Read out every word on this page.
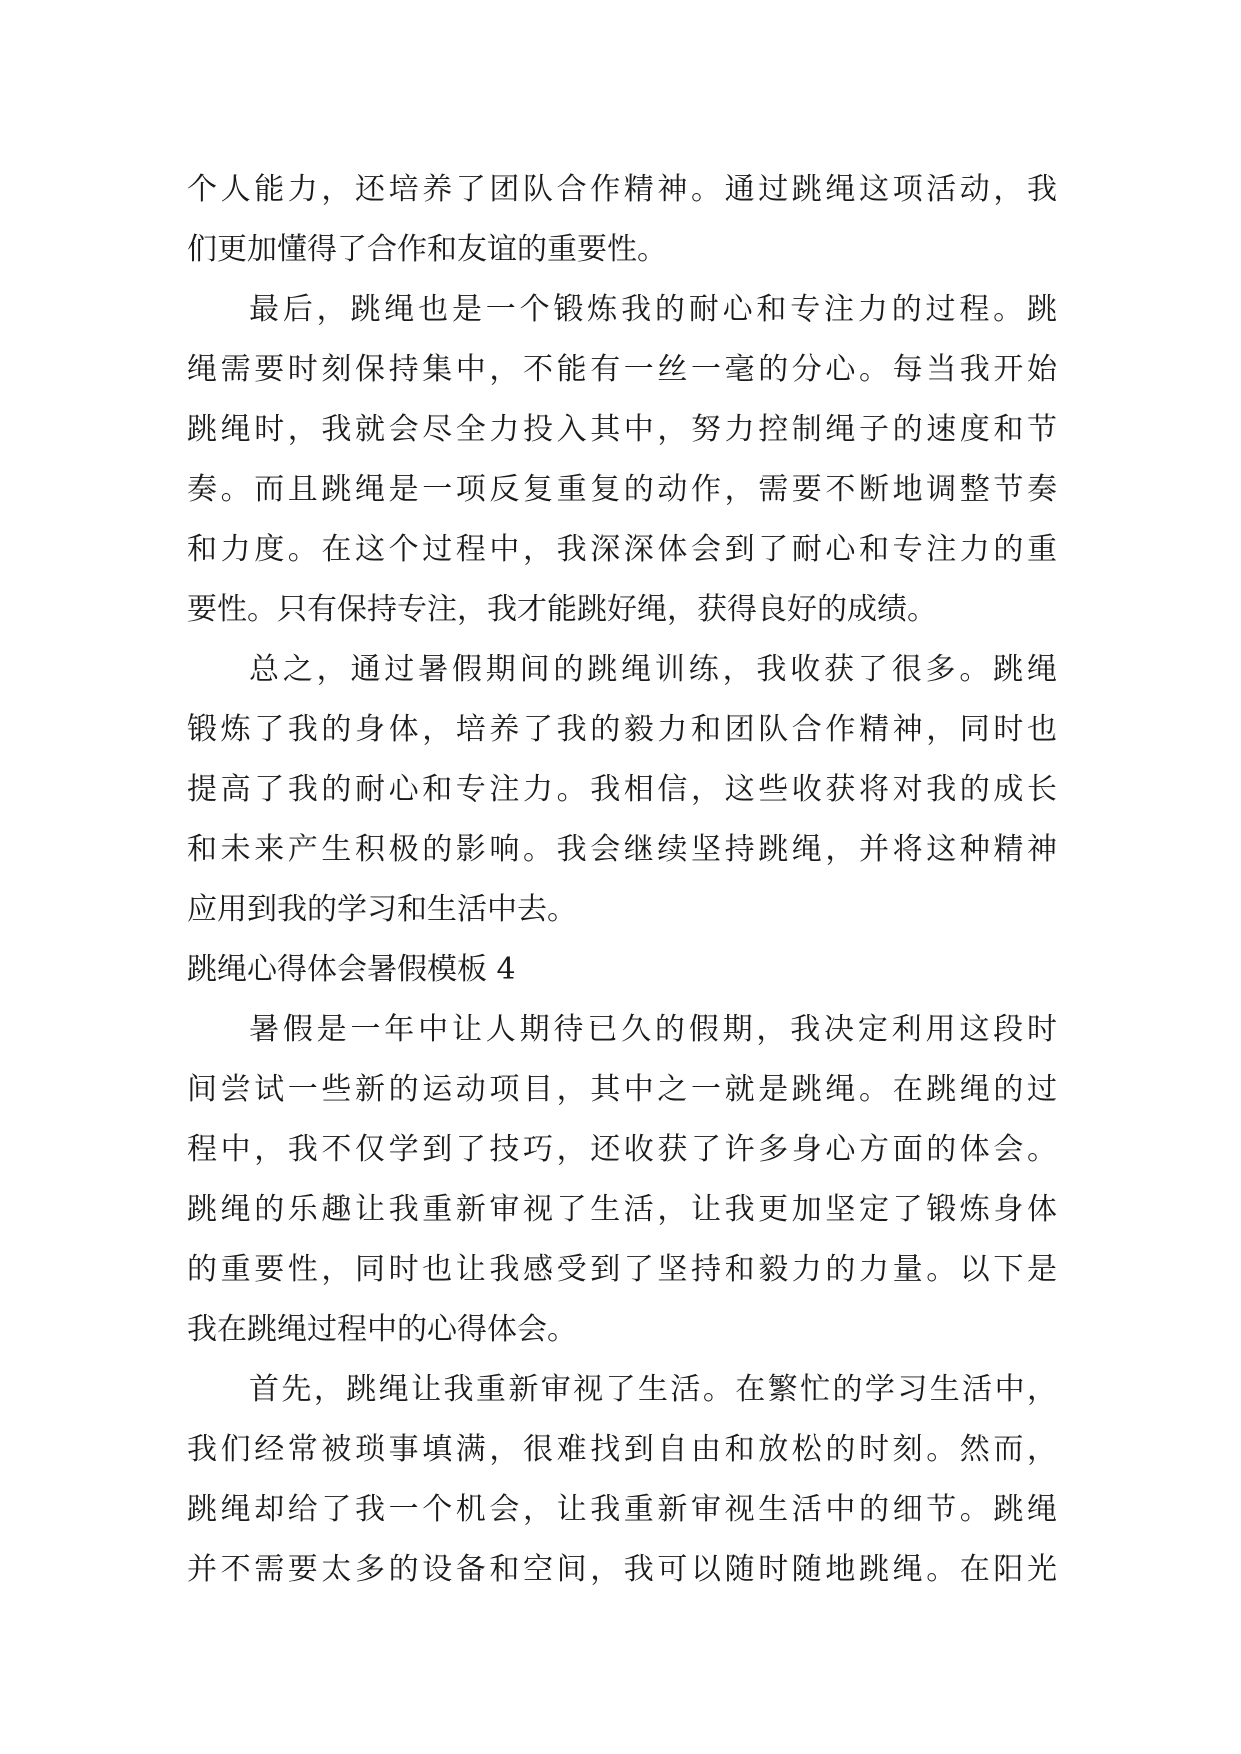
个人能力，还培养了团队合作精神。通过跳绳这项活动，我
们更加懂得了合作和友谊的重要性。
最后，跳绳也是一个锻炼我的耐心和专注力的过程。跳
绳需要时刻保持集中，不能有一丝一毫的分心。每当我开始
跳绳时，我就会尽全力投入其中，努力控制绳子的速度和节
奏。而且跳绳是一项反复重复的动作，需要不断地调整节奏
和力度。在这个过程中，我深深体会到了耐心和专注力的重
要性。只有保持专注，我才能跳好绳，获得良好的成绩。
总之，通过暑假期间的跳绳训练，我收获了很多。跳绳
锻炼了我的身体，培养了我的毅力和团队合作精神，同时也
提高了我的耐心和专注力。我相信，这些收获将对我的成长
和未来产生积极的影响。我会继续坚持跳绳，并将这种精神
应用到我的学习和生活中去。
跳绳心得体会暑假模板 4
暑假是一年中让人期待已久的假期，我决定利用这段时
间尝试一些新的运动项目，其中之一就是跳绳。在跳绳的过
程中，我不仅学到了技巧，还收获了许多身心方面的体会。
跳绳的乐趣让我重新审视了生活，让我更加坚定了锻炼身体
的重要性，同时也让我感受到了坚持和毅力的力量。以下是
我在跳绳过程中的心得体会。
首先，跳绳让我重新审视了生活。在繁忙的学习生活中，
我们经常被琐事填满，很难找到自由和放松的时刻。然而，
跳绳却给了我一个机会，让我重新审视生活中的细节。跳绳
并不需要太多的设备和空间，我可以随时随地跳绳。在阳光
